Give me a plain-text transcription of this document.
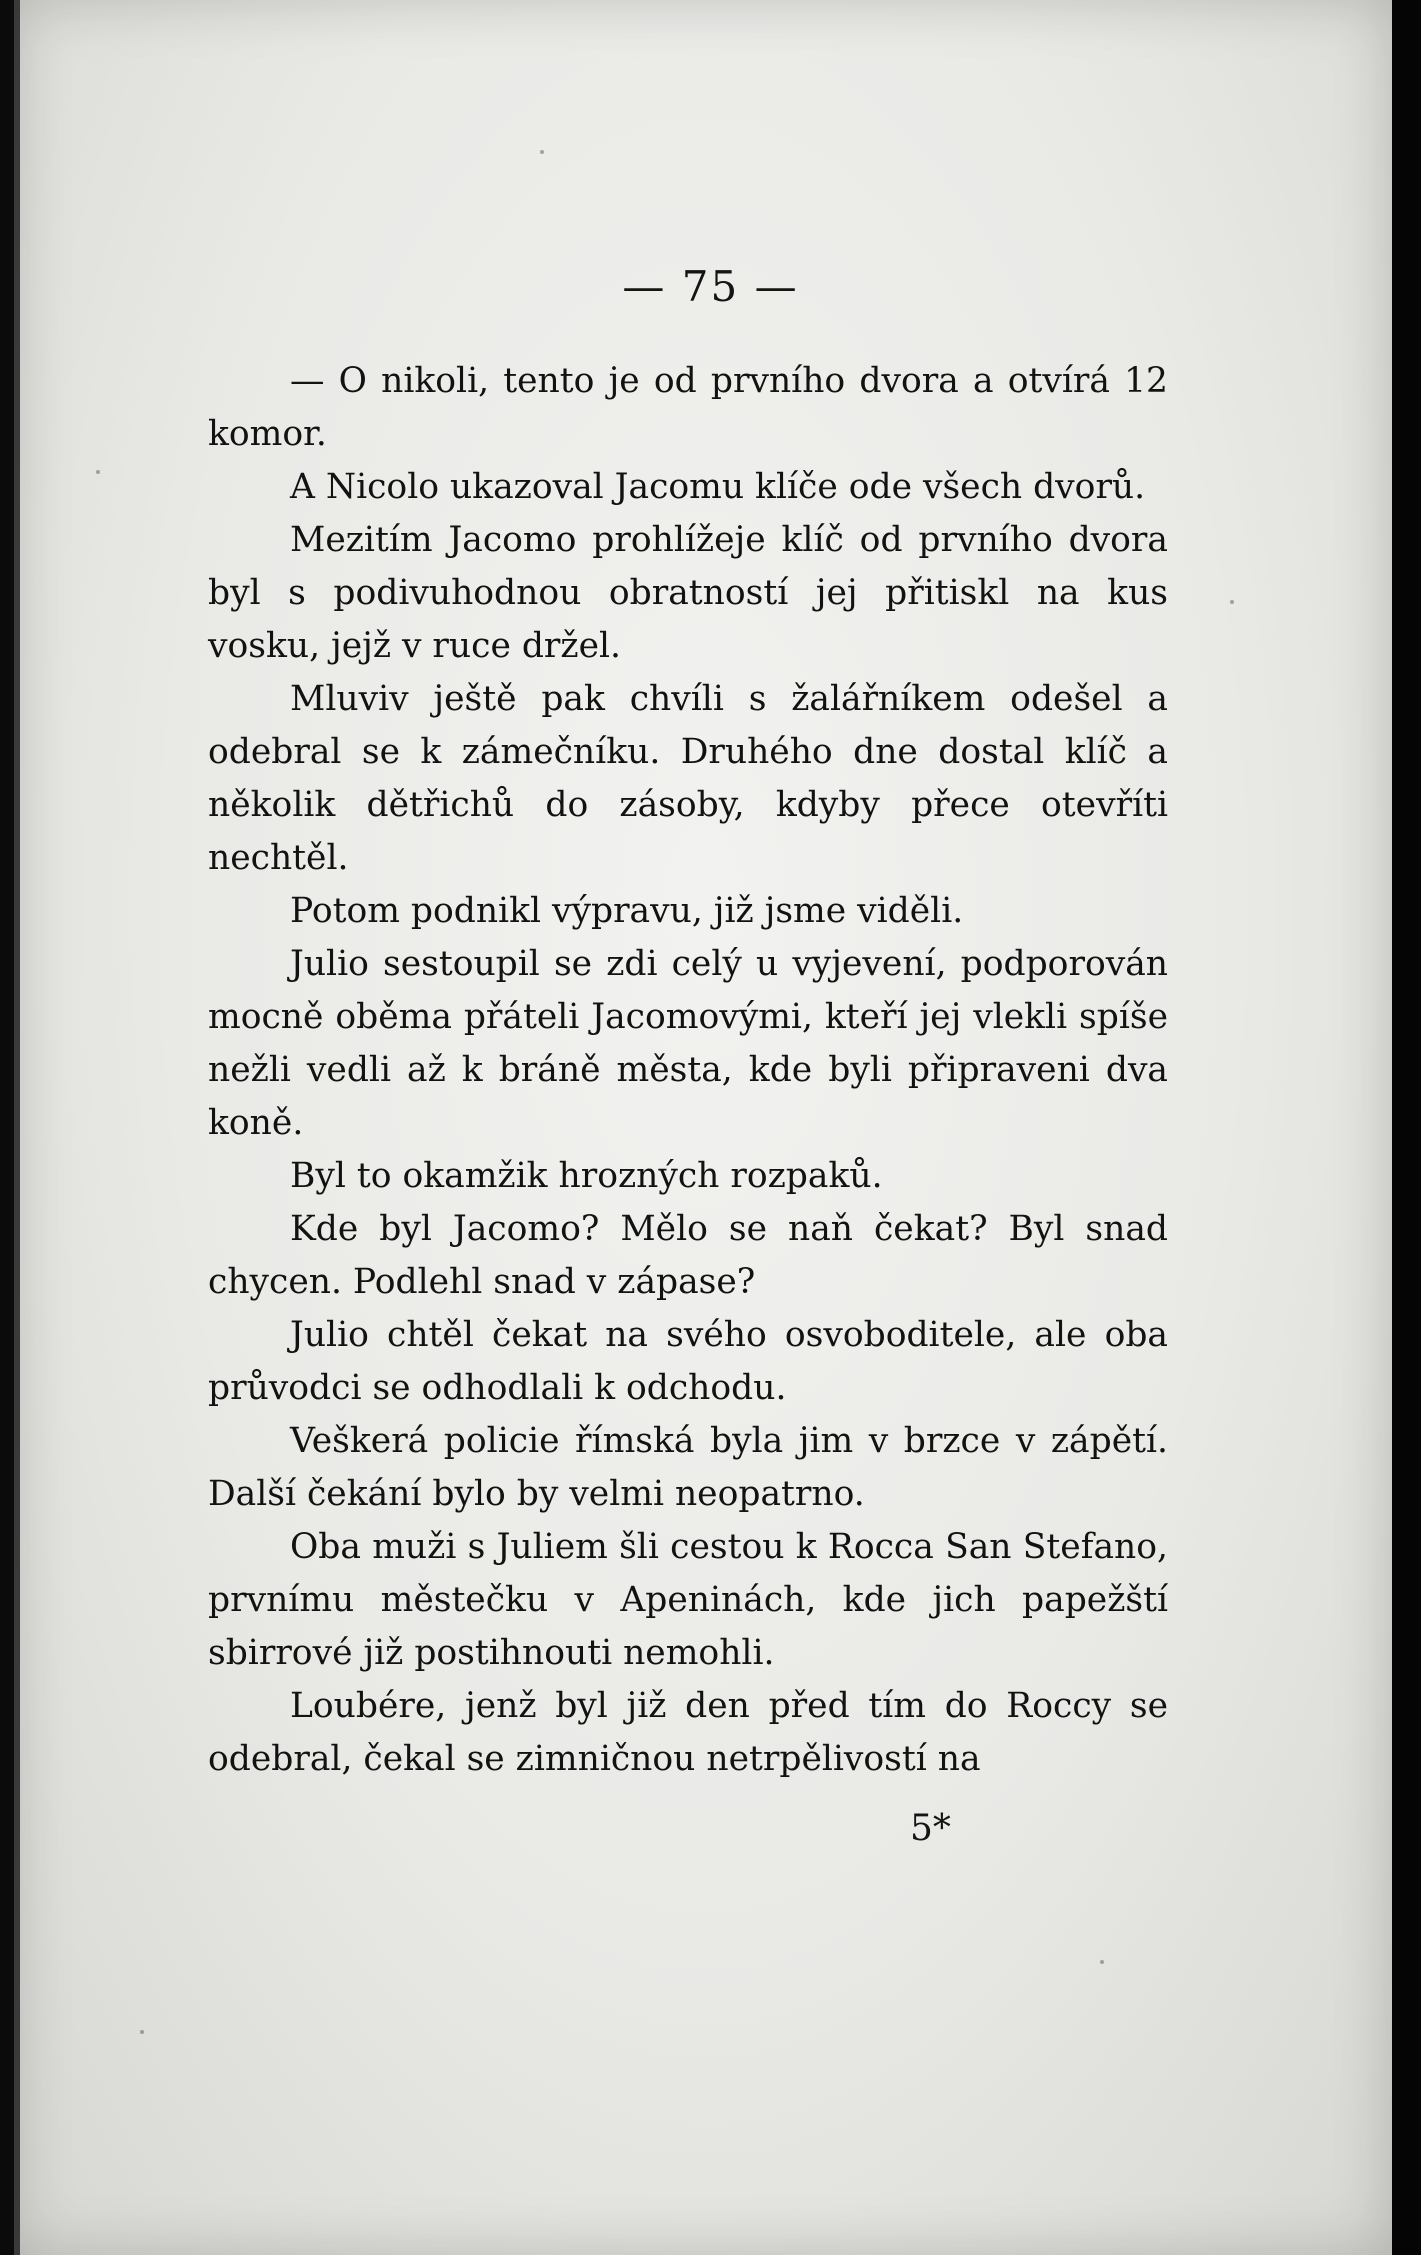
— 75 —

— O nikoli, tento je od prvního dvora a otvírá 12 komor.

A Nicolo ukazoval Jacomu klíče ode všech dvorů.

Mezitím Jacomo prohlížeje klíč od prvního dvora byl s podivuhodnou obratností jej přitiskl na kus vosku, jejž v ruce držel.

Mluviv ještě pak chvíli s žalářníkem odešel a odebral se k zámečníku. Druhého dne dostal klíč a několik dětřichů do zásoby, kdyby přece otevříti nechtěl.

Potom podnikl výpravu, již jsme viděli.

Julio sestoupil se zdi celý u vyjevení, podporován mocně oběma přáteli Jacomovými, kteří jej vlekli spíše nežli vedli až k bráně města, kde byli připraveni dva koně.

Byl to okamžik hrozných rozpaků.

Kde byl Jacomo? Mělo se naň čekat? Byl snad chycen. Podlehl snad v zápase?

Julio chtěl čekat na svého osvoboditele, ale oba průvodci se odhodlali k odchodu.

Veškerá policie římská byla jim v brzce v zápětí. Další čekání bylo by velmi neopatrno.

Oba muži s Juliem šli cestou k Rocca San Stefano, prvnímu městečku v Apeninách, kde jich papežští sbirrové již postihnouti nemohli.

Loubére, jenž byl již den před tím do Roccy se odebral, čekal se zimničnou netrpělivostí na

5*
